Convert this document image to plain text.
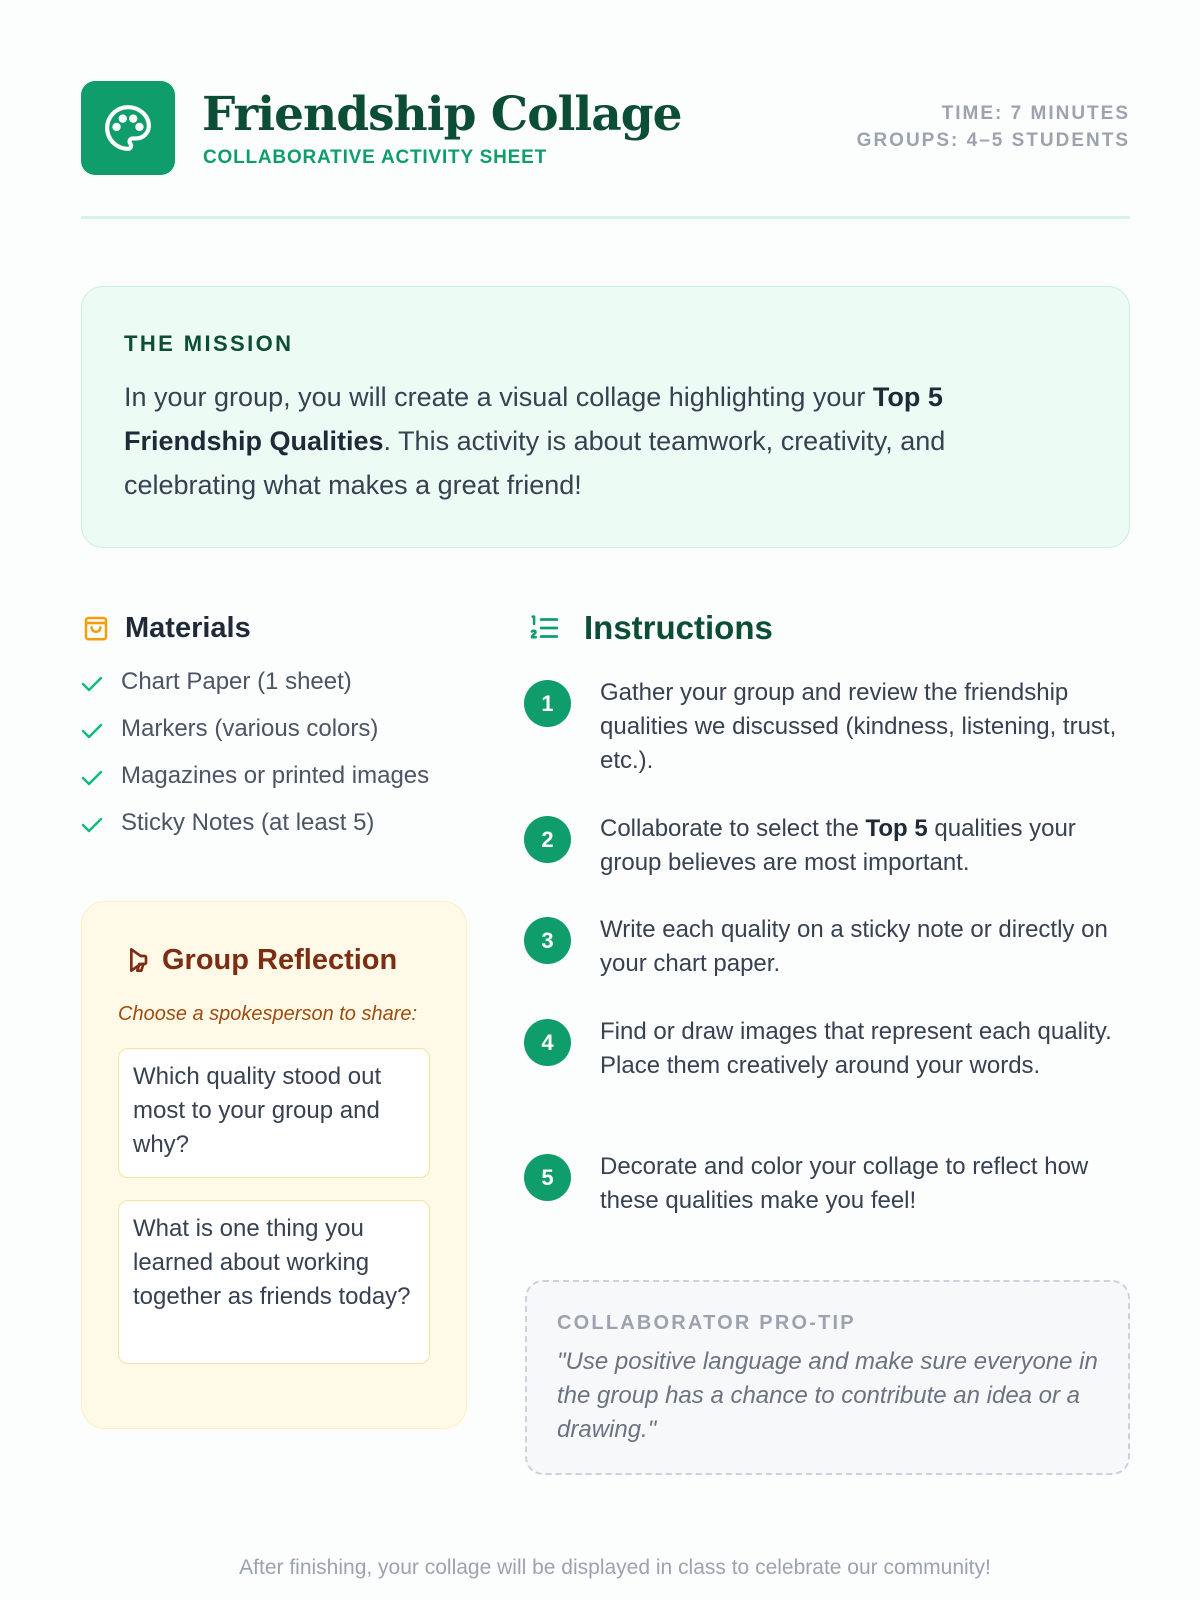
Friendship Collage
COLLABORATIVE ACTIVITY SHEET
TIME: 7 MINUTES
GROUPS: 4–5 STUDENTS
THE MISSION
In your group, you will create a visual collage highlighting your Top 5 Friendship Qualities. This activity is about teamwork, creativity, and celebrating what makes a great friend!
Materials
Chart Paper (1 sheet)
Markers (various colors)
Magazines or printed images
Sticky Notes (at least 5)
Group Reflection
Choose a spokesperson to share:
Which quality stood out most to your group and why?
What is one thing you learned about working together as friends today?
Instructions
1	Gather your group and review the friendship qualities we discussed (kindness, listening, trust, etc.).
2	Collaborate to select the Top 5 qualities your group believes are most important.
3	Write each quality on a sticky note or directly on your chart paper.
4	Find or draw images that represent each quality. Place them creatively around your words.
5	Decorate and color your collage to reflect how these qualities make you feel!
COLLABORATOR PRO-TIP
"Use positive language and make sure everyone in the group has a chance to contribute an idea or a drawing."
After finishing, your collage will be displayed in class to celebrate our community!
